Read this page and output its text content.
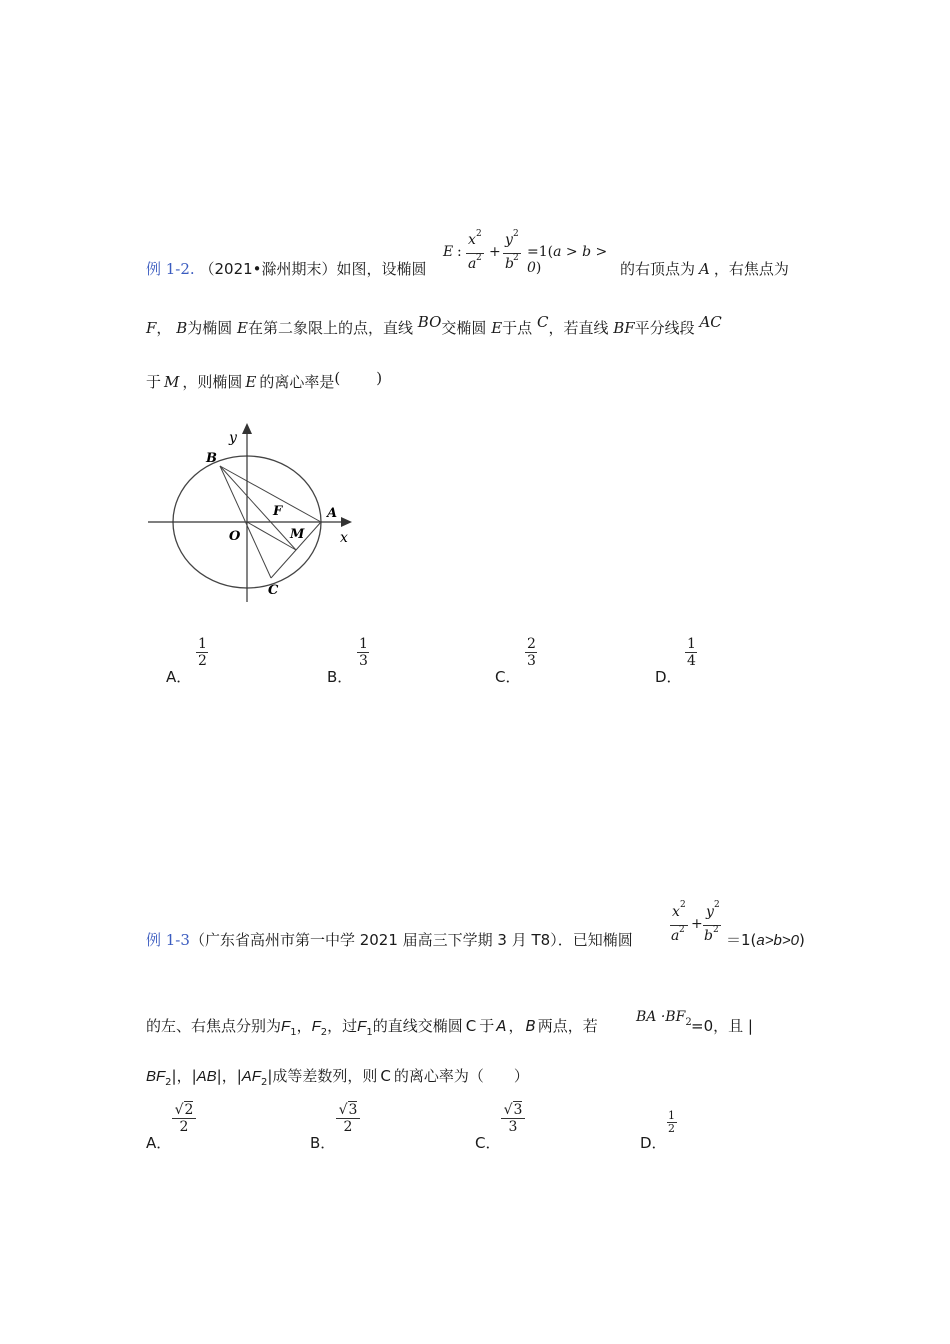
E :
x 2
a 2 +
y 2
b 2 =1(a > b > 0)
例 1-2. （2021•滁州期末）如图，设椭圆	的右顶点为 A ，右焦点为
F， B为椭圆 E在第二象限上的点，直线 BO交椭圆 E于点 C，若直线 BF平分线段 AC
于 M ，则椭圆 E 的离心率是( )
y
x
B
F	A
O	M
C
A．
1
2
B．
1
3
C．
2
3
D．
1
4
x 2
a 2 +
y 2
b 2
例 1-3（广东省高州市第一中学 2021 届高三下学期 3 月 T8）．已知椭圆	＝1(a>b>0)
的左、右焦点分别为$F_1$，$F_2$，过$F_1$的直线交椭圆 C 于 A ， B 两点，若	BA $\cdot BF_2 =0$，且 |
$BF_2|$，|AB|，$|AF_2|$成等差数列，则 C 的离心率为（　　）
A．
√2
2
B．
√3
2
C．
√3
3
D．
1
2
